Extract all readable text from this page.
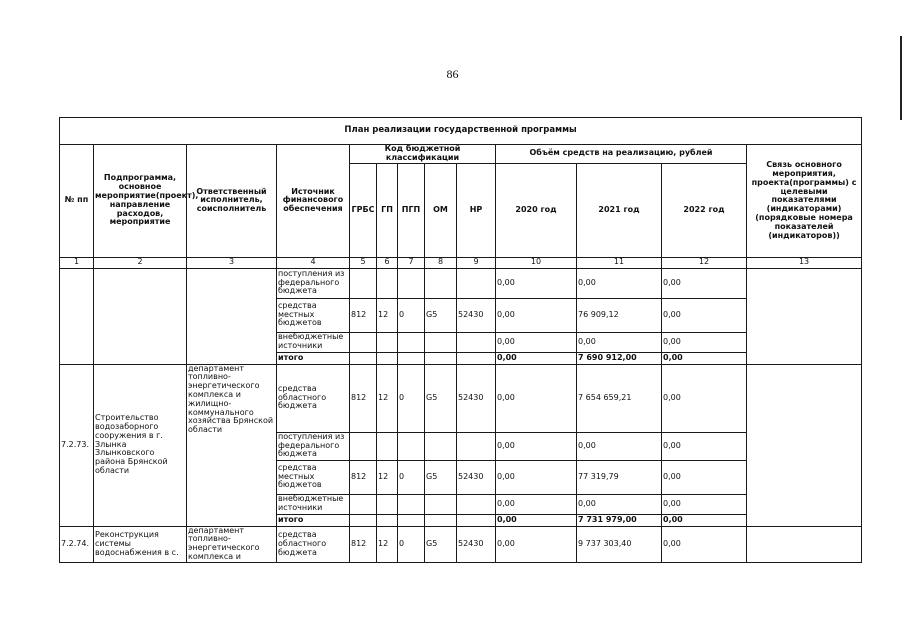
86
План реализации государственной программы												
№ пп	Подпрограмма, основное мероприятие(проект), направление расходов, мероприятие	Ответственный исполнитель, соисполнитель	Источник финансового обеспечения	Код бюджетной классификации					Объём средств на реализацию, рублей			Связь основного мероприятия, проекта(программы) с целевыми показателями (индикаторами) (порядковые номера показателей (индикаторов))
				ГРБС	ГП	ПГП	ОМ	НР	2020 год	2021 год	2022 год	
1	2	3	4	5	6	7	8	9	10	11	12	13
			поступления из федерального бюджета						0,00	0,00	0,00	
			средства местных бюджетов	812	12	0	G5	52430	0,00	76 909,12	0,00	
			внебюджетные источники						0,00	0,00	0,00	
			итого						0,00	7 690 912,00	0,00	
7.2.73.	Строительство водозаборного сооружения в г. Злынка Злынковского района Брянской области	департамент топливно-энергетического комплекса и жилищно-коммунального хозяйства Брянской области	средства областного бюджета	812	12	0	G5	52430	0,00	7 654 659,21	0,00	
			поступления из федерального бюджета						0,00	0,00	0,00	
			средства местных бюджетов	812	12	0	G5	52430	0,00	77 319,79	0,00	
			внебюджетные источники						0,00	0,00	0,00	
			итого						0,00	7 731 979,00	0,00	
7.2.74.	Реконструкция системы водоснабжения в с.	департамент топливно-энергетического комплекса и	средства областного бюджета	812	12	0	G5	52430	0,00	9 737 303,40	0,00	
